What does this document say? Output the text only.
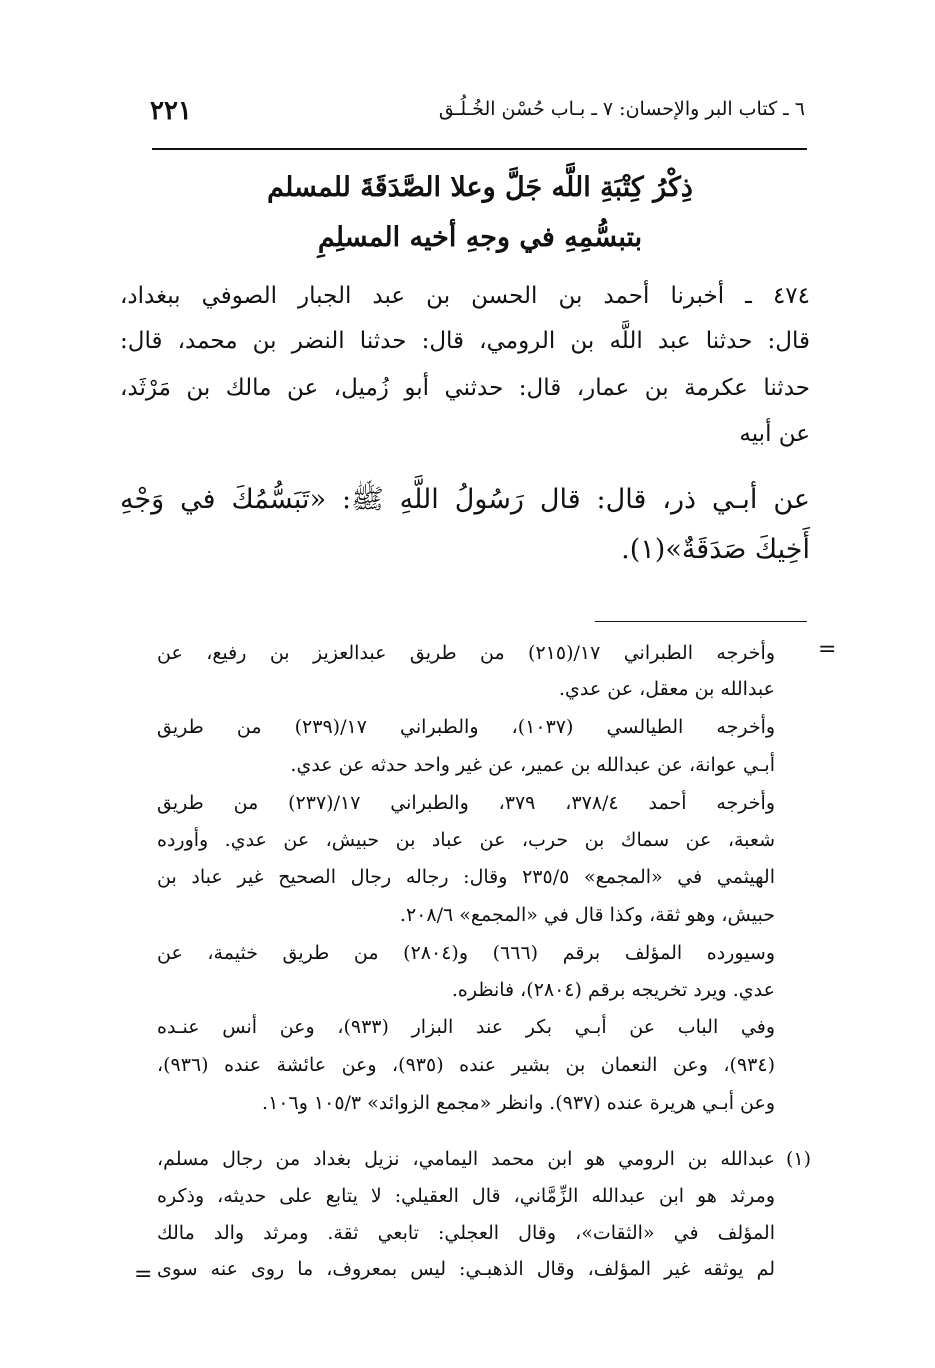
٦ ـ كتاب البر والإحسان: ٧ ـ بـاب حُسْن الخُـلُـق
٢٢١
ذِكْرُ كِتْبَةِ اللَّه جَلَّ وعلا الصَّدَقَةَ للمسلم
بتبسُّمِهِ في وجهِ أخيه المسلِمِ
٤٧٤ ـ أخبرنا أحمد بن الحسن بن عبد الجبار الصوفي ببغداد،
قال: حدثنا عبد اللَّه بن الرومي، قال: حدثنا النضر بن محمد، قال:
حدثنا عكرمة بن عمار، قال: حدثني أبو زُميل، عن مالك بن مَرْثَد،
عن أبيه
عن أبـي ذر، قال: قال رَسُولُ اللَّهِ ﷺ: «تَبَسُّمُكَ في وَجْهِ
أَخِيكَ صَدَقَةٌ»(١).
=
وأخرجه الطبراني ١٧/(٢١٥) من طريق عبدالعزيز بن رفيع، عن
عبدالله بن معقل، عن عدي.
وأخرجه الطيالسي (١٠٣٧)، والطبراني ١٧/(٢٣٩) من طريق
أبـي عوانة، عن عبدالله بن عمير، عن غير واحد حدثه عن عدي.
وأخرجه أحمد ٣٧٨/٤، ٣٧٩، والطبراني ١٧/(٢٣٧) من طريق
شعبة، عن سماك بن حرب، عن عباد بن حبيش، عن عدي. وأورده
الهيثمي في «المجمع» ٢٣٥/٥ وقال: رجاله رجال الصحيح غير عباد بن
حبيش، وهو ثقة، وكذا قال في «المجمع» ٢٠٨/٦.
وسيورده المؤلف برقم (٦٦٦) و(٢٨٠٤) من طريق خثيمة، عن
عدي. ويرد تخريجه برقم (٢٨٠٤)، فانظره.
وفي الباب عن أبـي بكر عند البزار (٩٣٣)، وعن أنس عنـده
(٩٣٤)، وعن النعمان بن بشير عنده (٩٣٥)، وعن عائشة عنده (٩٣٦)،
وعن أبـي هريرة عنده (٩٣٧). وانظر «مجمع الزوائد» ١٠٥/٣ و١٠٦.
(١)
عبدالله بن الرومي هو ابن محمد اليمامي، نزيل بغداد من رجال مسلم،
ومرثد هو ابن عبدالله الزِّمَّاني، قال العقيلي: لا يتابع على حديثه، وذكره
المؤلف في «الثقات»، وقال العجلي: تابعي ثقة. ومرثد والد مالك
لم يوثقه غير المؤلف، وقال الذهبـي: ليس بمعروف، ما روى عنه سوى
=
